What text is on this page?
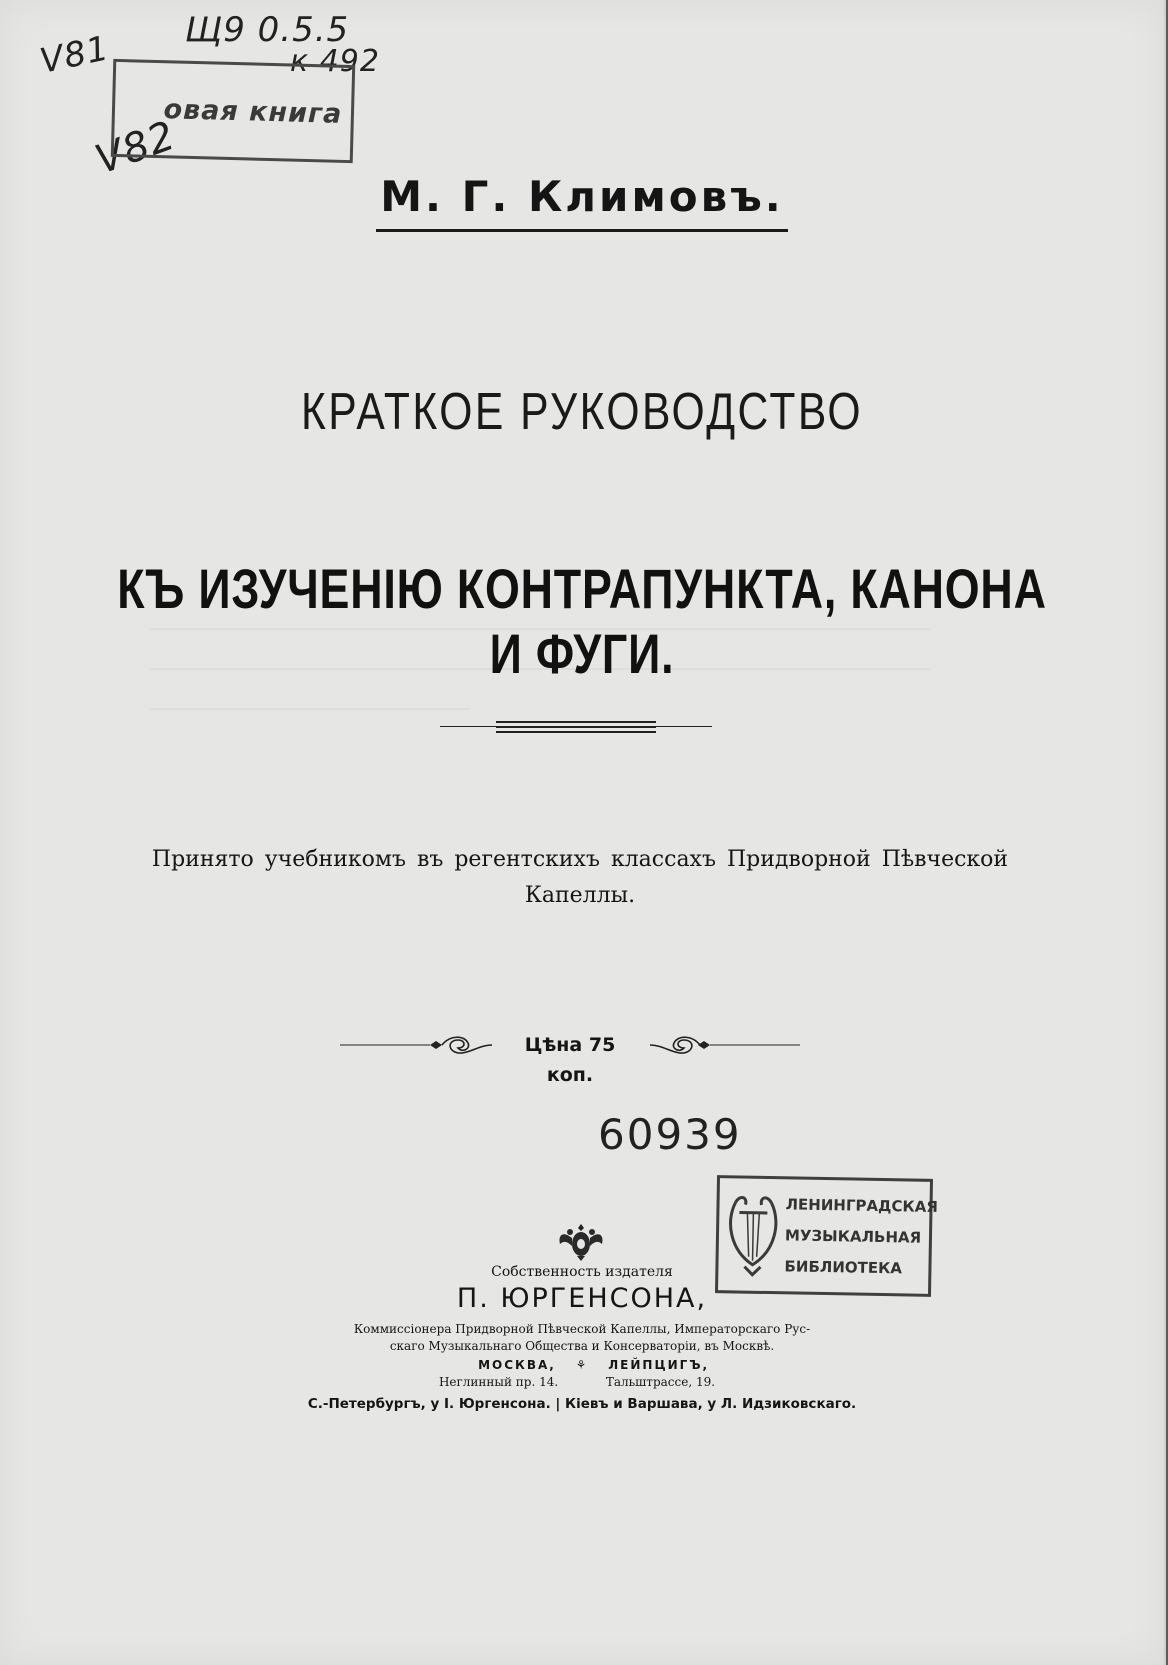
Щ9 0.5.5
к 492
V81
V82
овая книга
М. Г. Климовъ.
КРАТКОЕ РУКОВОДСТВО
КЪ ИЗУЧЕНІЮ КОНТРАПУНКТА, КАНОНА И ФУГИ.
Принято учебникомъ въ регентскихъ классахъ Придворной Пѣвческой
Капеллы.
Цѣна 75 коп.
60939
ЛЕНИНГРАДСКАЯ
МУЗЫКАЛЬНАЯ
БИБЛИОТЕКА
Собственность издателя
П. ЮРГЕНСОНА,
Коммиссіонера Придворной Пѣвческой Капеллы, Императорскаго Рус-
скаго Музыкальнаго Общества и Консерваторіи, въ Москвѣ.
МОСКВА, ⚘ ЛЕЙПЦИГЪ,
Неглинный пр. 14.	Тальштрассе, 19.
С.-Петербургъ, у І. Юргенсона. | Кіевъ и Варшава, у Л. Идзиковскаго.
